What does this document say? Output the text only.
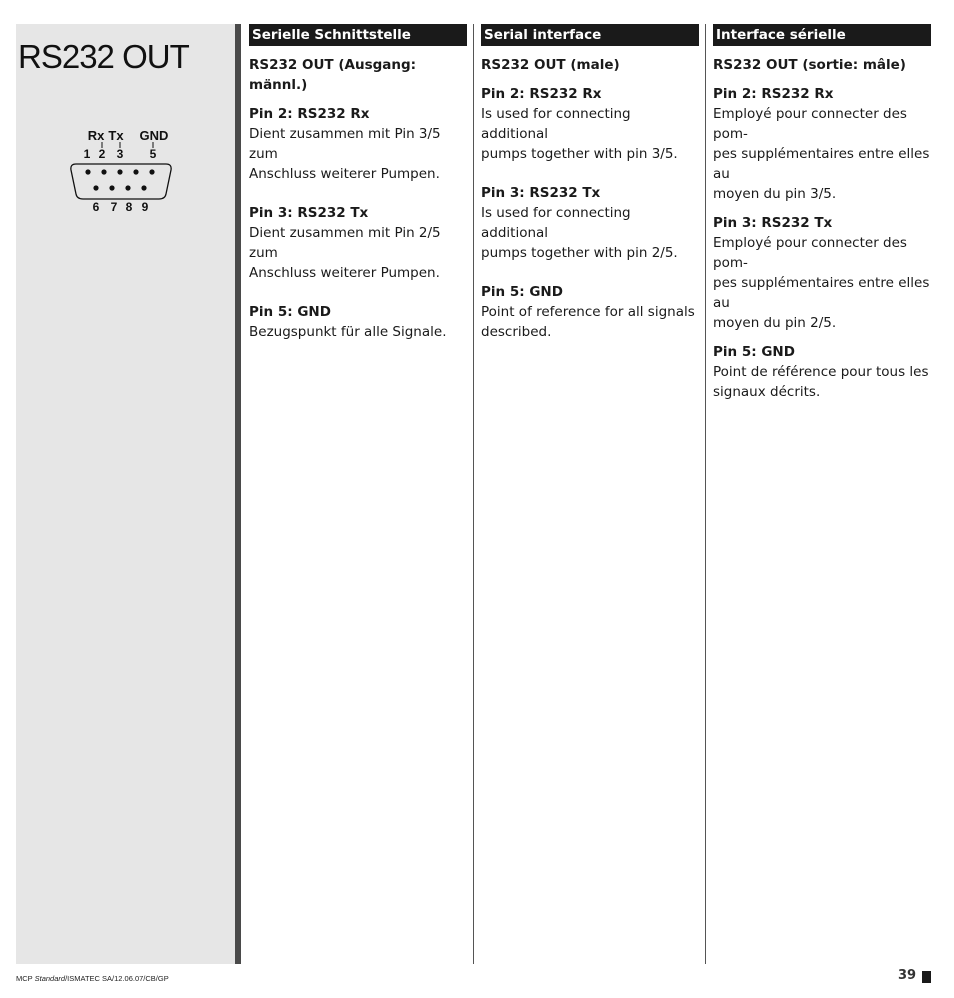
RS232 OUT
Rx Tx GND
1 2 3 5
6 7 8 9
Serielle Schnittstelle
RS232 OUT (Ausgang: männl.)
Pin 2: RS232 Rx
Dient zusammen mit Pin 3/5 zum
Anschluss weiterer Pumpen.
Pin 3: RS232 Tx
Dient zusammen mit Pin 2/5 zum
Anschluss weiterer Pumpen.
Pin 5: GND
Bezugspunkt für alle Signale.
Serial interface
RS232 OUT (male)
Pin 2: RS232 Rx
Is used for connecting additional
pumps together with pin 3/5.
Pin 3: RS232 Tx
Is used for connecting additional
pumps together with pin 2/5.
Pin 5: GND
Point of reference for all signals
described.
Interface sérielle
RS232 OUT (sortie: mâle)
Pin 2: RS232 Rx
Employé pour connecter des pom-
pes supplémentaires entre elles au
moyen du pin 3/5.
Pin 3: RS232 Tx
Employé pour connecter des pom-
pes supplémentaires entre elles au
moyen du pin 2/5.
Pin 5: GND
Point de référence pour tous les
signaux décrits.
MCP Standard/ISMATEC SA/12.06.07/CB/GP	39
